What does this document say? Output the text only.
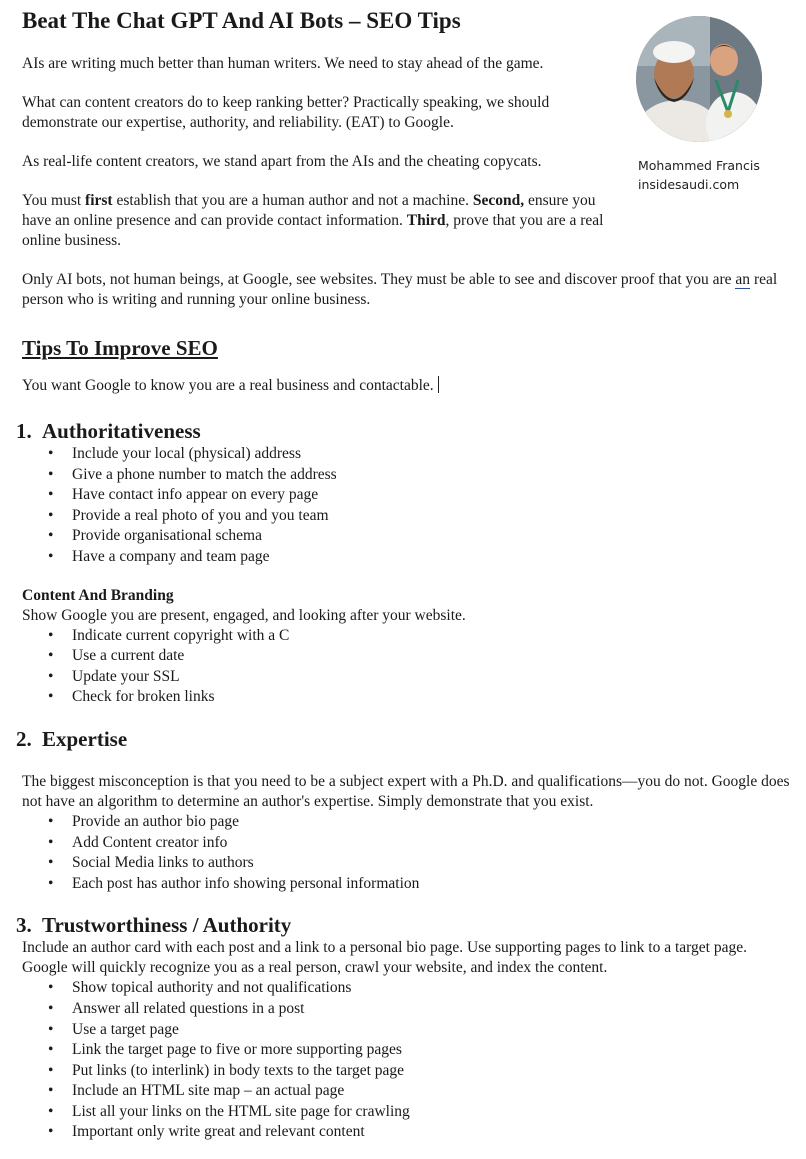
Mohammed Francis
insidesaudi.com
Beat The Chat GPT And AI Bots – SEO Tips

AIs are writing much better than human writers. We need to stay ahead of the game.

What can content creators do to keep ranking better? Practically speaking, we should demonstrate our expertise, authority, and reliability. (EAT) to Google.

As real-life content creators, we stand apart from the AIs and the cheating copycats.

You must first establish that you are a human author and not a machine. Second, ensure you have an online presence and can provide contact information. Third, prove that you are a real online business.

Only AI bots, not human beings, at Google, see websites. They must be able to see and discover proof that you are an real person who is writing and running your online business.

Tips To Improve SEO

You want Google to know you are a real business and contactable.

1. Authoritativeness
• Include your local (physical) address
• Give a phone number to match the address
• Have contact info appear on every page
• Provide a real photo of you and you team
• Provide organisational schema
• Have a company and team page

Content And Branding

Show Google you are present, engaged, and looking after your website.

• Indicate current copyright with a C
• Use a current date
• Update your SSL
• Check for broken links
2. Expertise

The biggest misconception is that you need to be a subject expert with a Ph.D. and qualifications—you do not. Google does not have an algorithm to determine an author's expertise. Simply demonstrate that you exist.

• Provide an author bio page
• Add Content creator info
• Social Media links to authors
• Each post has author info showing personal information
3. Trustworthiness / Authority

Include an author card with each post and a link to a personal bio page. Use supporting pages to link to a target page. Google will quickly recognize you as a real person, crawl your website, and index the content.

• Show topical authority and not qualifications
• Answer all related questions in a post
• Use a target page
• Link the target page to five or more supporting pages
• Put links (to interlink) in body texts to the target page
• Include an HTML site map – an actual page
• List all your links on the HTML site page for crawling
• Important only write great and relevant content
